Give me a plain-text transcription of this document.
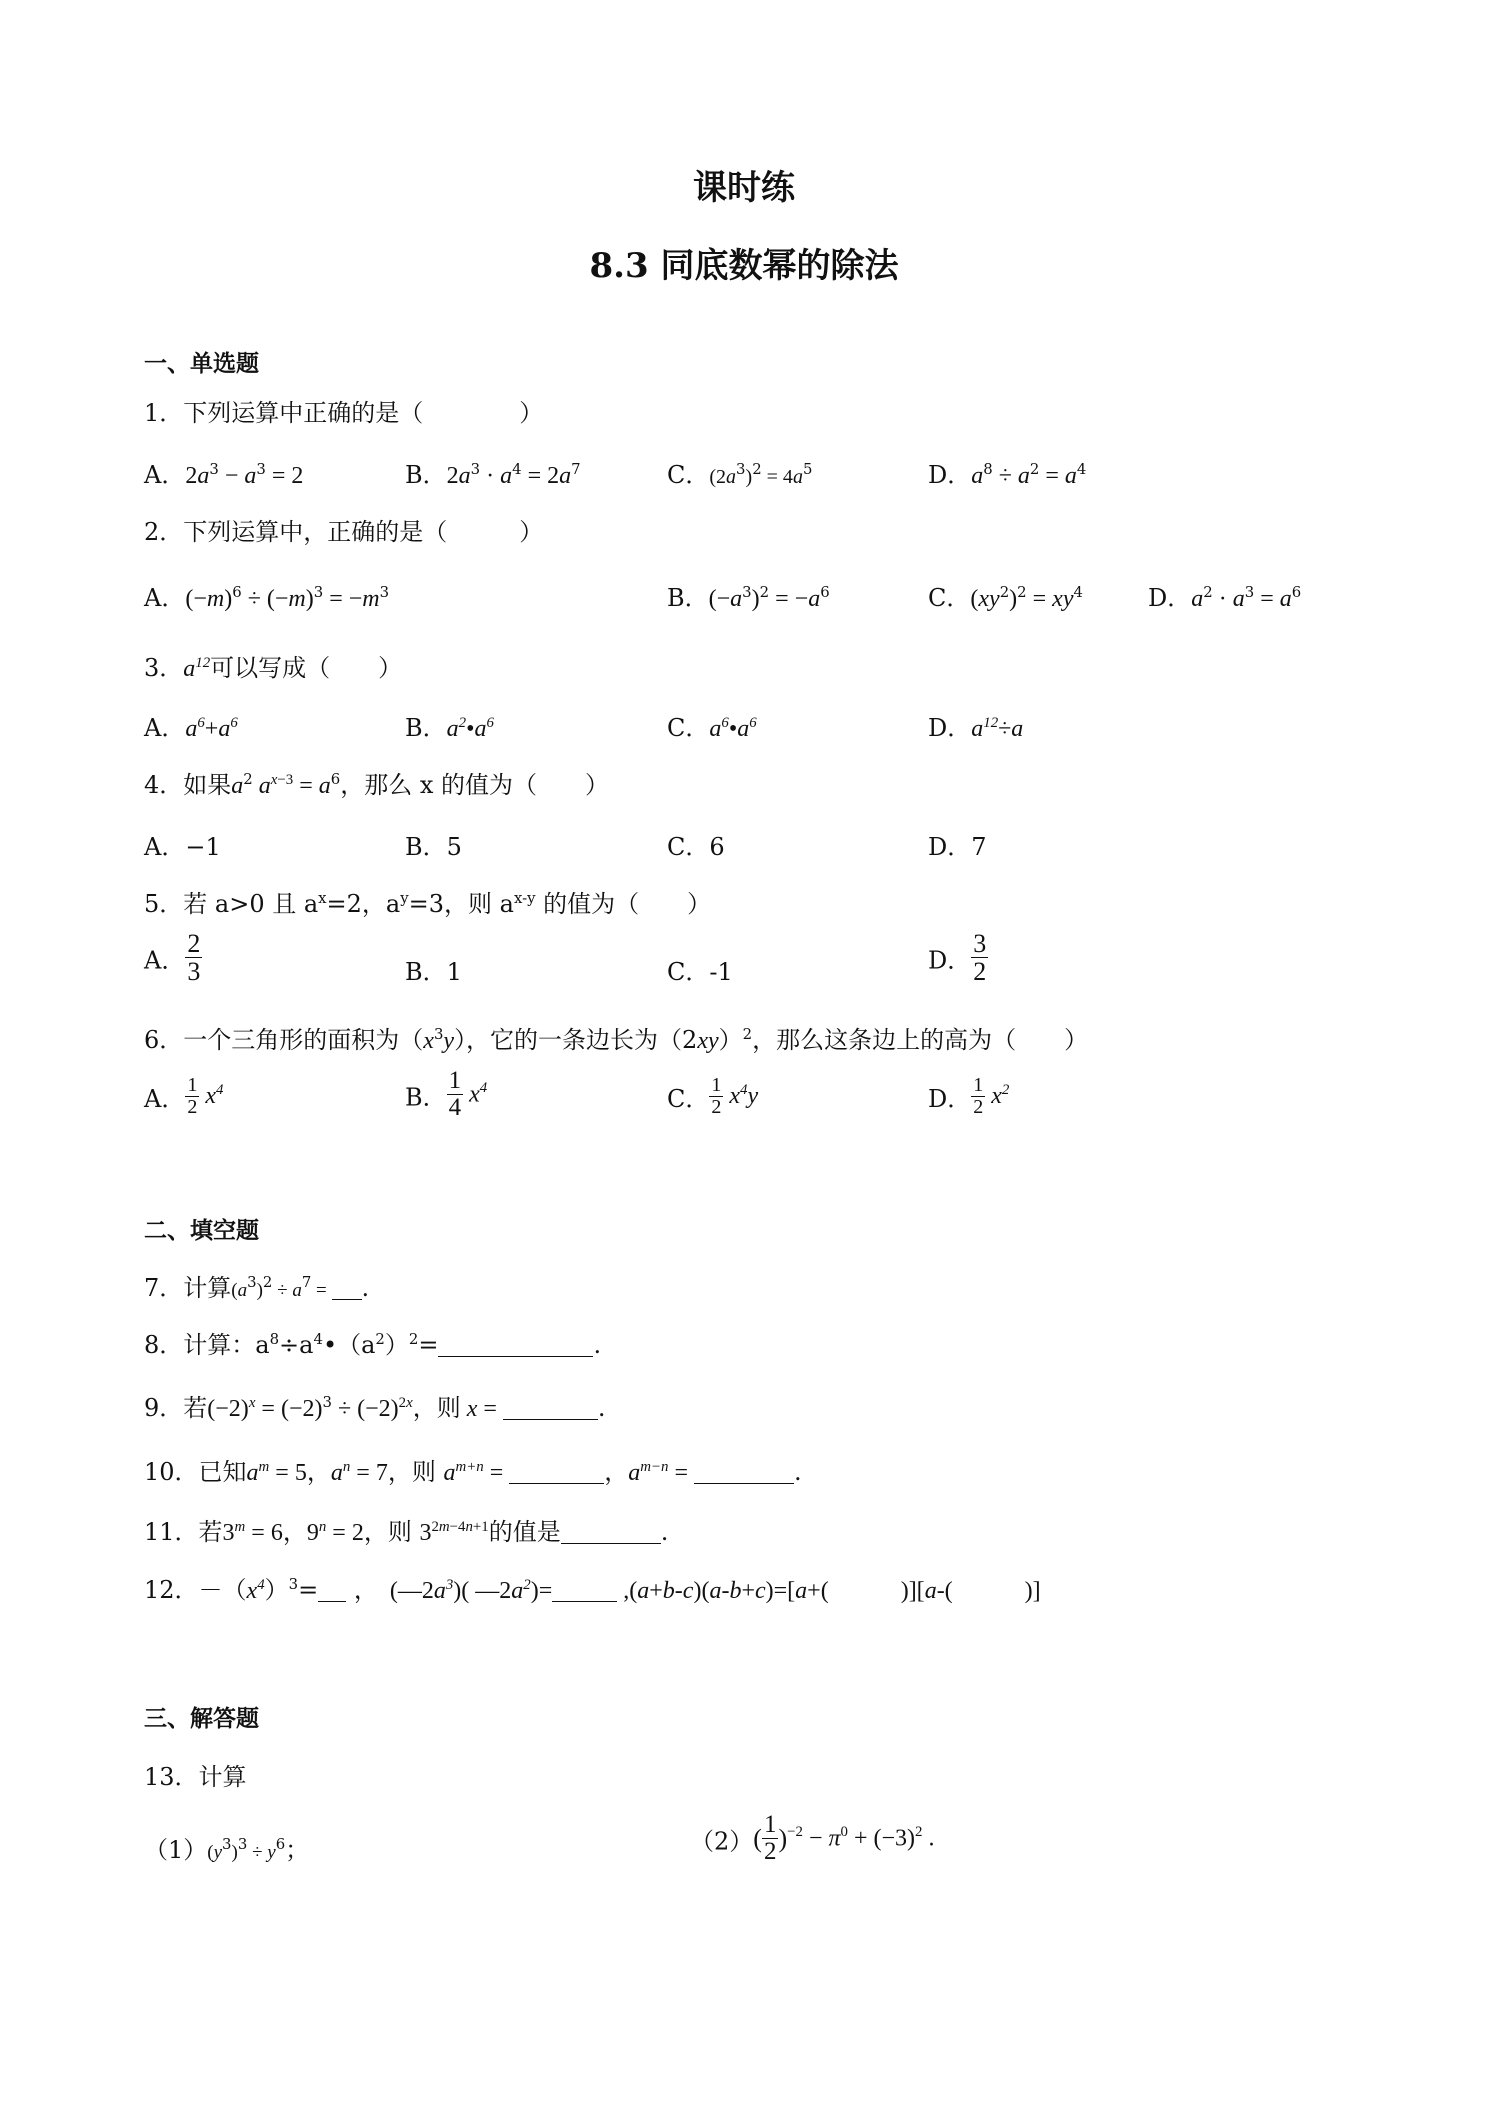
课时练
8.3 同底数幂的除法
一、单选题
1．下列运算中正确的是（　　　　）
A．$2a^3 - a^3 = 2$	B．$2a^3 \cdot a^4 = 2a^7$	C．$(2a^3)^2 = 4a^5$	D．$a^8 \div a^2 = a^4$
2．下列运算中，正确的是（　　　）
A．$(-m)^6 \div (-m)^3 = -m^3$	B．$(-a^3)^2 = -a^6$	C．$(xy^2)^2 = xy^4$	D．$a^2 \cdot a^3 = a^6$
3．$a^{12}$可以写成（　　）
A．$a^6+a^6$	B．$a^2•a^6$	C．$a^6•a^6$	D．$a^{12}\div a$
4．如果$a^2$ $a^{x-3} = a^6$，那么 x 的值为（　　）
A．−1	B．5	C．6	D．7
5．若 a>0 且 $a^x=2$，$a^y=3$，则 $a^{x-y}$ 的值为（　　）
A． $\frac{2}{3}$	B．1	C．-1	D． $\frac{3}{2}$
6．一个三角形的面积为$(x^3y)$，它的一条边长为$(2xy)^2$，那么这条边上的高为（　　）
A． $\frac{1}{2} x^4$	B． $\frac{1}{4} x^4$	C． $\frac{1}{2} x^4y$	D． $\frac{1}{2} x^2$
二、填空题
7．计算$(a^3)^2 \div a^7$ = .
8．计算：$a^8\div a^4•(a^2)^2=$	.
9．若$(-2)^x = (-2)^3 \div (-2)^{2x}$，则 x =	.
10．已知$a^m = 5$，$a^n = 7$，则 $a^{m+n}$ =	，$a^{m-n}$ =	.
11．若$3^m = 6$，$9^n = 2$，则 $3^{2m-4n+1}$的值是	.
12．$-(x^4)^3=$ ，　$(—2a^3)$( $—2a^2)=$	,(a+b-c)(a-b+c)=[a+(　　　)][a-(　　　)]
三、解答题
13．计算
$(1)(y^3)^3 \div y^6$；	$(2)( \frac{1}{2} )^{-2} - \pi^0 + (-3)^2$ .
